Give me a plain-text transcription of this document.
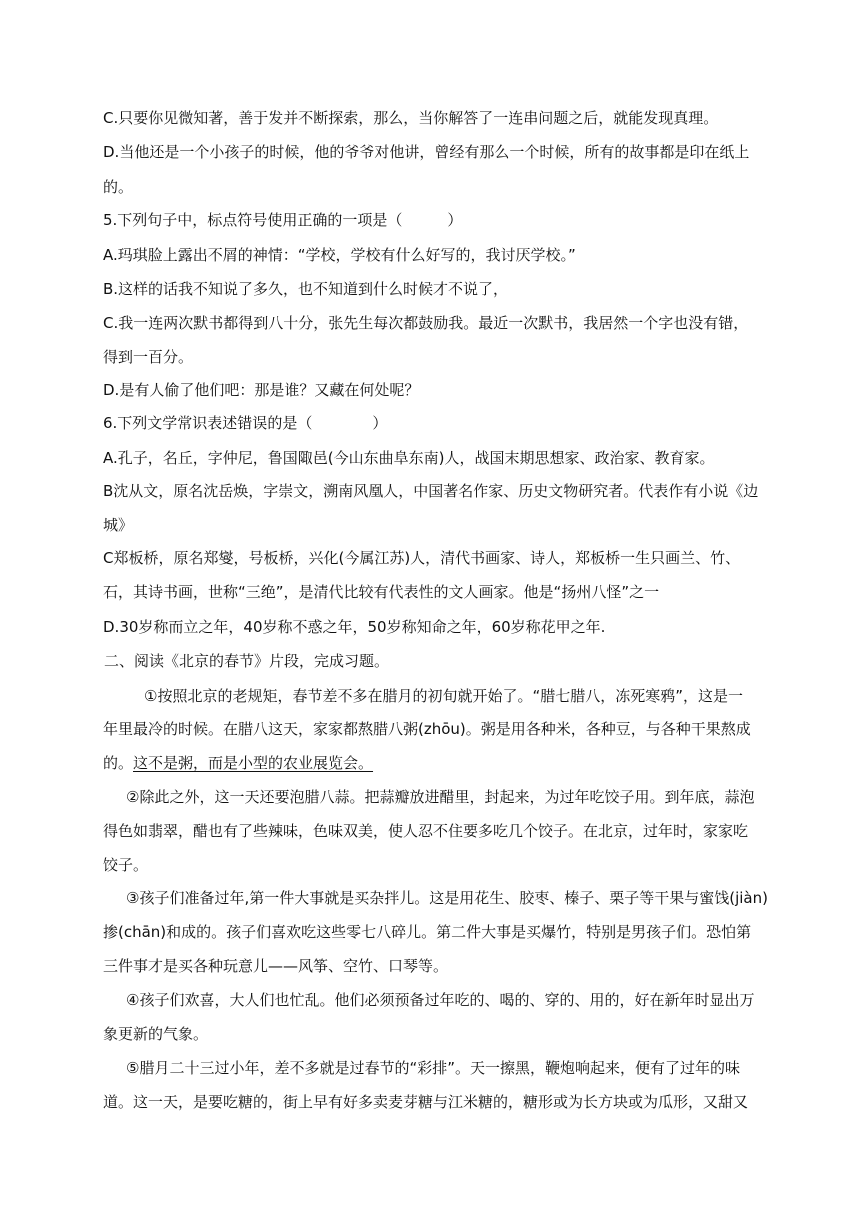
C.只要你见微知著，善于发并不断探索，那么，当你解答了一连串问题之后，就能发现真理。
D.当他还是一个小孩子的时候，他的爷爷对他讲，曾经有那么一个时候，所有的故事都是印在纸上
的。
5.下列句子中，标点符号使用正确的一项是（　　　）
A.玛琪脸上露出不屑的神情：“学校，学校有什么好写的，我讨厌学校。”
B.这样的话我不知说了多久，也不知道到什么时候才不说了，
C.我一连两次默书都得到八十分，张先生每次都鼓励我。最近一次默书，我居然一个字也没有错，
得到一百分。
D.是有人偷了他们吧：那是谁？又藏在何处呢？
6.下列文学常识表述错误的是（　　　　）
A.孔子，名丘，字仲尼，鲁国陬邑(今山东曲阜东南)人，战国末期思想家、政治家、教育家。
B沈从文，原名沈岳焕，字崇文，溯南风凰人，中国著名作家、历史文物研究者。代表作有小说《边
城》
C郑板桥，原名郑燮，号板桥，兴化(今属江苏)人，清代书画家、诗人，郑板桥一生只画兰、竹、
石，其诗书画，世称“三绝”，是清代比较有代表性的文人画家。他是“扬州八怪”之一
D.30岁称而立之年，40岁称不惑之年，50岁称知命之年，60岁称花甲之年.
二、阅读《北京的春节》片段，完成习题。
①按照北京的老规矩，春节差不多在腊月的初旬就开始了。“腊七腊八，冻死寒鸦”，这是一
年里最冷的时候。在腊八这天，家家都熬腊八粥(zhōu)。粥是用各种米，各种豆，与各种干果熬成
的。这不是粥，而是小型的农业展览会。
②除此之外，这一天还要泡腊八蒜。把蒜瓣放进醋里，封起来，为过年吃饺子用。到年底，蒜泡
得色如翡翠，醋也有了些辣味，色味双美，使人忍不住要多吃几个饺子。在北京，过年时，家家吃
饺子。
③孩子们准备过年,第一件大事就是买杂拌儿。这是用花生、胶枣、榛子、栗子等干果与蜜饯(jiàn)
掺(chān)和成的。孩子们喜欢吃这些零七八碎儿。第二件大事是买爆竹，特别是男孩子们。恐怕第
三件事才是买各种玩意儿——风筝、空竹、口琴等。
④孩子们欢喜，大人们也忙乱。他们必须预备过年吃的、喝的、穿的、用的，好在新年时显出万
象更新的气象。
⑤腊月二十三过小年，差不多就是过春节的“彩排”。天一擦黑，鞭炮响起来，便有了过年的味
道。这一天，是要吃糖的，街上早有好多卖麦芽糖与江米糖的，糖形或为长方块或为瓜形，又甜又
